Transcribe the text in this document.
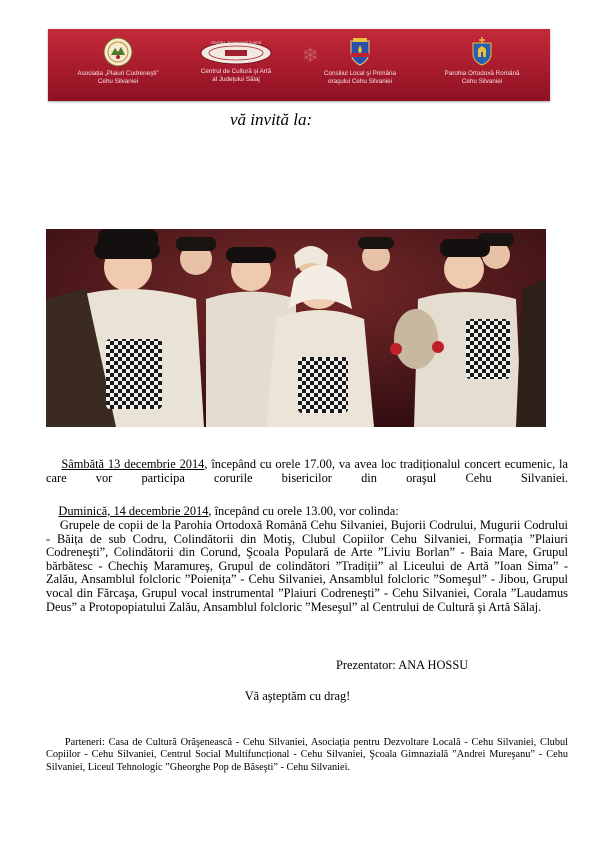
Asociația „Plaiuri Codreneşti”
Cehu Silvaniei
CENTRUL DE CULTURĂ ŞI ARTĂ
Centrul de Cultură şi Artă
al Județului Sălaj
❄
Consiliul Local şi Primăria
oraşului Cehu Silvaniei
Parohia Ortodoxă Română
Cehu Silvaniei
vă invită la:
Sâmbătă 13 decembrie 2014, începând cu orele 17.00, va avea loc tradiționalul concert ecumenic, la care vor participa corurile bisericilor din oraşul Cehu Silvaniei.
Duminică, 14 decembrie 2014, începând cu orele 13.00, vor colinda:
Grupele de copii de la Parohia Ortodoxă Română Cehu Silvaniei, Bujorii Codrului, Mugurii Codrului - Băița de sub Codru, Colindătorii din Motiş, Clubul Copiilor Cehu Silvaniei, Formația ”Plaiuri Codreneşti”, Colindătorii din Corund, Şcoala Populară de Arte ”Liviu Borlan” - Baia Mare, Grupul bărbătesc - Chechiş Maramureş, Grupul de colindători ”Tradiții” al Liceului de Artă ”Ioan Sima” - Zalău, Ansamblul folcloric ”Poienița” - Cehu Silvaniei, Ansamblul folcloric ”Someşul” - Jibou, Grupul vocal din Fărcaşa, Grupul vocal instrumental ”Plaiuri Codreneşti” - Cehu Silvaniei, Corala ”Laudamus Deus” a Protopopiatului Zalău, Ansamblul folcloric ”Meseşul” al Centrului de Cultură şi Artă Sălaj.
Prezentator: ANA HOSSU
Vă aşteptăm cu drag!
Parteneri: Casa de Cultură Orăşenească - Cehu Silvaniei, Asociația pentru Dezvoltare Locală - Cehu Silvaniei, Clubul Copiilor - Cehu Silvaniei, Centrul Social Multifuncțional - Cehu Silvaniei, Şcoala Gimnazială ”Andrei Mureşanu” - Cehu Silvaniei, Liceul Tehnologic ”Gheorghe Pop de Băseşti” - Cehu Silvaniei.
